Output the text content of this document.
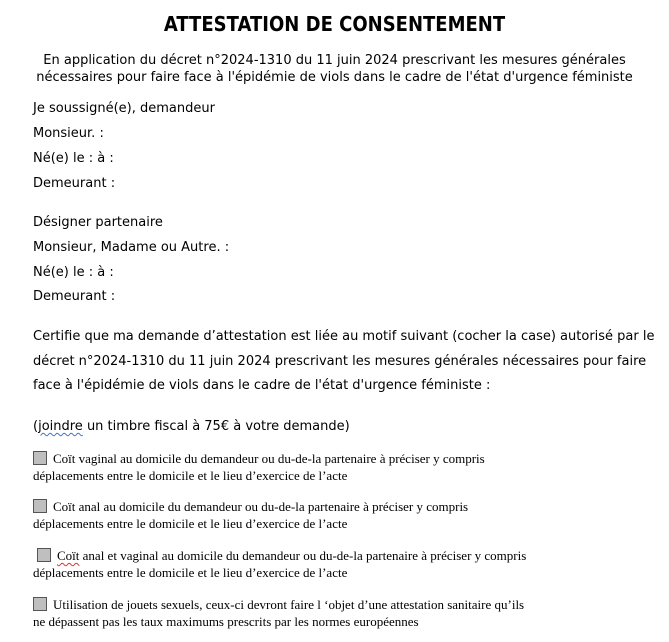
ATTESTATION DE CONSENTEMENT
En application du décret n°2024-1310 du 11 juin 2024 prescrivant les mesures générales
nécessaires pour faire face à l'épidémie de viols dans le cadre de l'état d'urgence féministe
Je soussigné(e), demandeur
Monsieur. :
Né(e) le : à :
Demeurant :
Désigner partenaire
Monsieur, Madame ou Autre. :
Né(e) le : à :
Demeurant :
Certifie que ma demande d’attestation est liée au motif suivant (cocher la case) autorisé par le
décret n°2024-1310 du 11 juin 2024 prescrivant les mesures générales nécessaires pour faire
face à l'épidémie de viols dans le cadre de l'état d'urgence féministe :
(joindre un timbre fiscal à 75€ à votre demande)
Coït vaginal au domicile du demandeur ou du-de-la partenaire à préciser y compris
déplacements entre le domicile et le lieu d’exercice de l’acte
Coït anal au domicile du demandeur ou du-de-la partenaire à préciser y compris
déplacements entre le domicile et le lieu d’exercice de l’acte
Coït anal et vaginal au domicile du demandeur ou du-de-la partenaire à préciser y compris
déplacements entre le domicile et le lieu d’exercice de l’acte
Utilisation de jouets sexuels, ceux-ci devront faire l ‘objet d’une attestation sanitaire qu’ils
ne dépassent pas les taux maximums prescrits par les normes européennes
